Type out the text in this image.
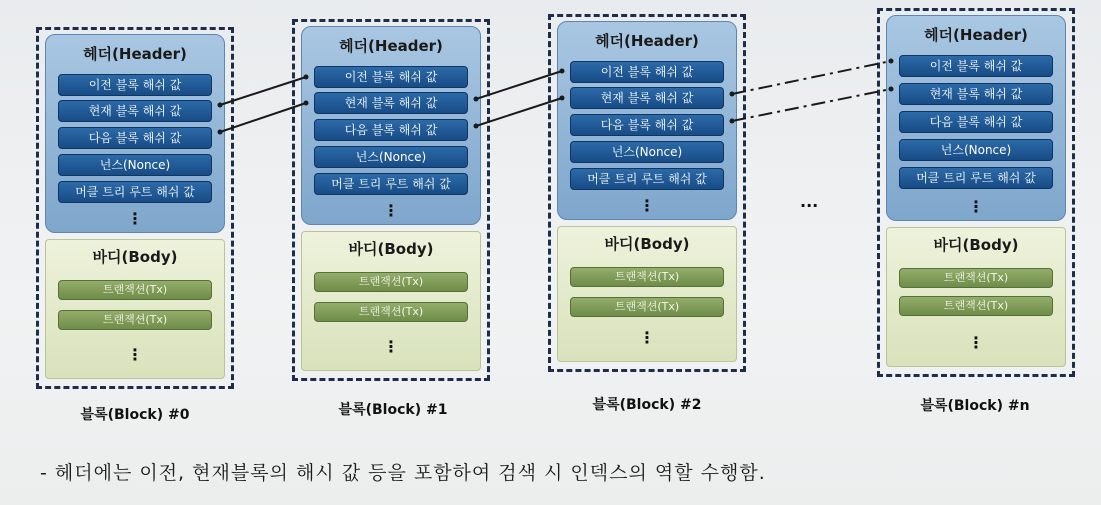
헤더(Header)
이전 블록 해쉬 값
현재 블록 해쉬 값
다음 블록 해쉬 값
넌스(Nonce)
머클 트리 루트 해쉬 값
⋮
바디(Body)
트랜잭션(Tx)
트랜잭션(Tx)
⋮
블록(Block) #0
헤더(Header)
이전 블록 해쉬 값
현재 블록 해쉬 값
다음 블록 해쉬 값
넌스(Nonce)
머클 트리 루트 해쉬 값
⋮
바디(Body)
트랜잭션(Tx)
트랜잭션(Tx)
⋮
블록(Block) #1
헤더(Header)
이전 블록 해쉬 값
현재 블록 해쉬 값
다음 블록 해쉬 값
넌스(Nonce)
머클 트리 루트 해쉬 값
⋮
바디(Body)
트랜잭션(Tx)
트랜잭션(Tx)
⋮
블록(Block) #2
...
헤더(Header)
이전 블록 해쉬 값
현재 블록 해쉬 값
다음 블록 해쉬 값
넌스(Nonce)
머클 트리 루트 해쉬 값
⋮
바디(Body)
트랜잭션(Tx)
트랜잭션(Tx)
⋮
블록(Block) #n
- 헤더에는 이전, 현재블록의 해시 값 등을 포함하여 검색 시 인덱스의 역할 수행함.
